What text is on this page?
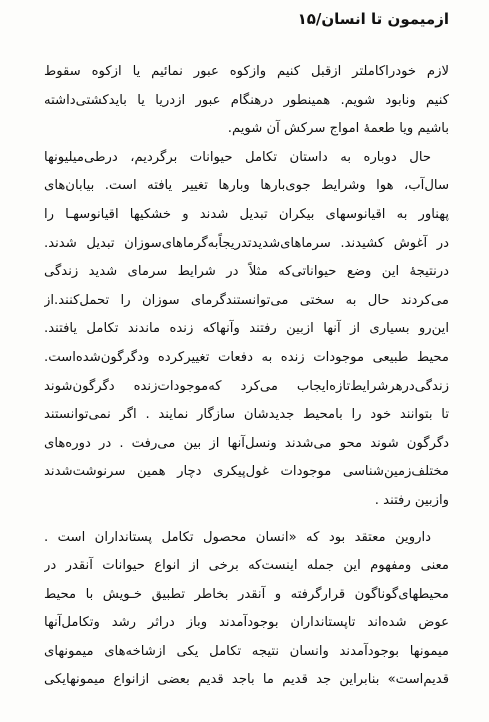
ازمیمون تا انسان/۱۵
لازم خودراکاملتر ازقبل کنیم وازکوه عبور نمائیم یا ازکوه سقوط
کنیم ونابود شویم. همینطور درهنگام عبور ازدریا یا بایدکشتی‌داشته
باشیم ویا طعمهٔ امواج سرکش آن شویم.
حال دوباره به داستان تکامل حیوانات برگردیم، درطی‌میلیونها
سال‌آب، هوا وشرایط جوی‌بارها وبارها تغییر یافته است. بیابان‌های
پهناور به اقیانوسهای بیکران تبدیل شدند و خشکیها اقیانوسهـا را
در آغوش کشیدند. سرماهای‌شدیدتدریجاً‌به‌گرماهای‌سوزان تبدیل شدند.
درنتیجهٔ این وضع حیواناتی‌که مثلاً در شرایط سرمای شدید زندگی
می‌کردند حال به سختی می‌توانستندگرمای سوزان را تحمل‌کنند.از
این‌رو بسیاری از آنها ازبین رفتند وآنهاکه زنده ماندند تکامل یافتند.
محیط طبیعی موجودات زنده به دفعات تغییرکرده ودگرگون‌شده‌است.
زندگی‌درهرشرایط‌تازه‌ایجاب می‌کرد که‌موجودات‌زنده دگرگون‌شوند
تا بتوانند خود را بامحیط جدیدشان سازگار نمایند . اگر نمی‌توانستند
دگرگون شوند محو می‌شدند ونسل‌آنها از بین می‌رفت . در دوره‌های
مختلف‌زمین‌شناسی موجودات غول‌پیکری دچار همین سرنوشت‌شدند
وازبین رفتند .
داروین معتقد بود که «انسان محصول تکامل پستانداران است .
معنی ومفهوم این جمله اینست‌که برخی از انواع حیوانات آنقدر در
محیطهای‌گوناگون قرارگرفته و آنقدر بخاطر تطبیق خـویش با محیط
عوض شده‌اند تاپستانداران بوجودآمدند وباز دراثر رشد وتکامل‌آنها
میمونها بوجودآمدند وانسان نتیجه تکامل یکی ازشاخه‌های میمونهای
قدیم‌است» بنابراین جد قدیم ما باجد قدیم بعضی ازانواع میمونهایکی
